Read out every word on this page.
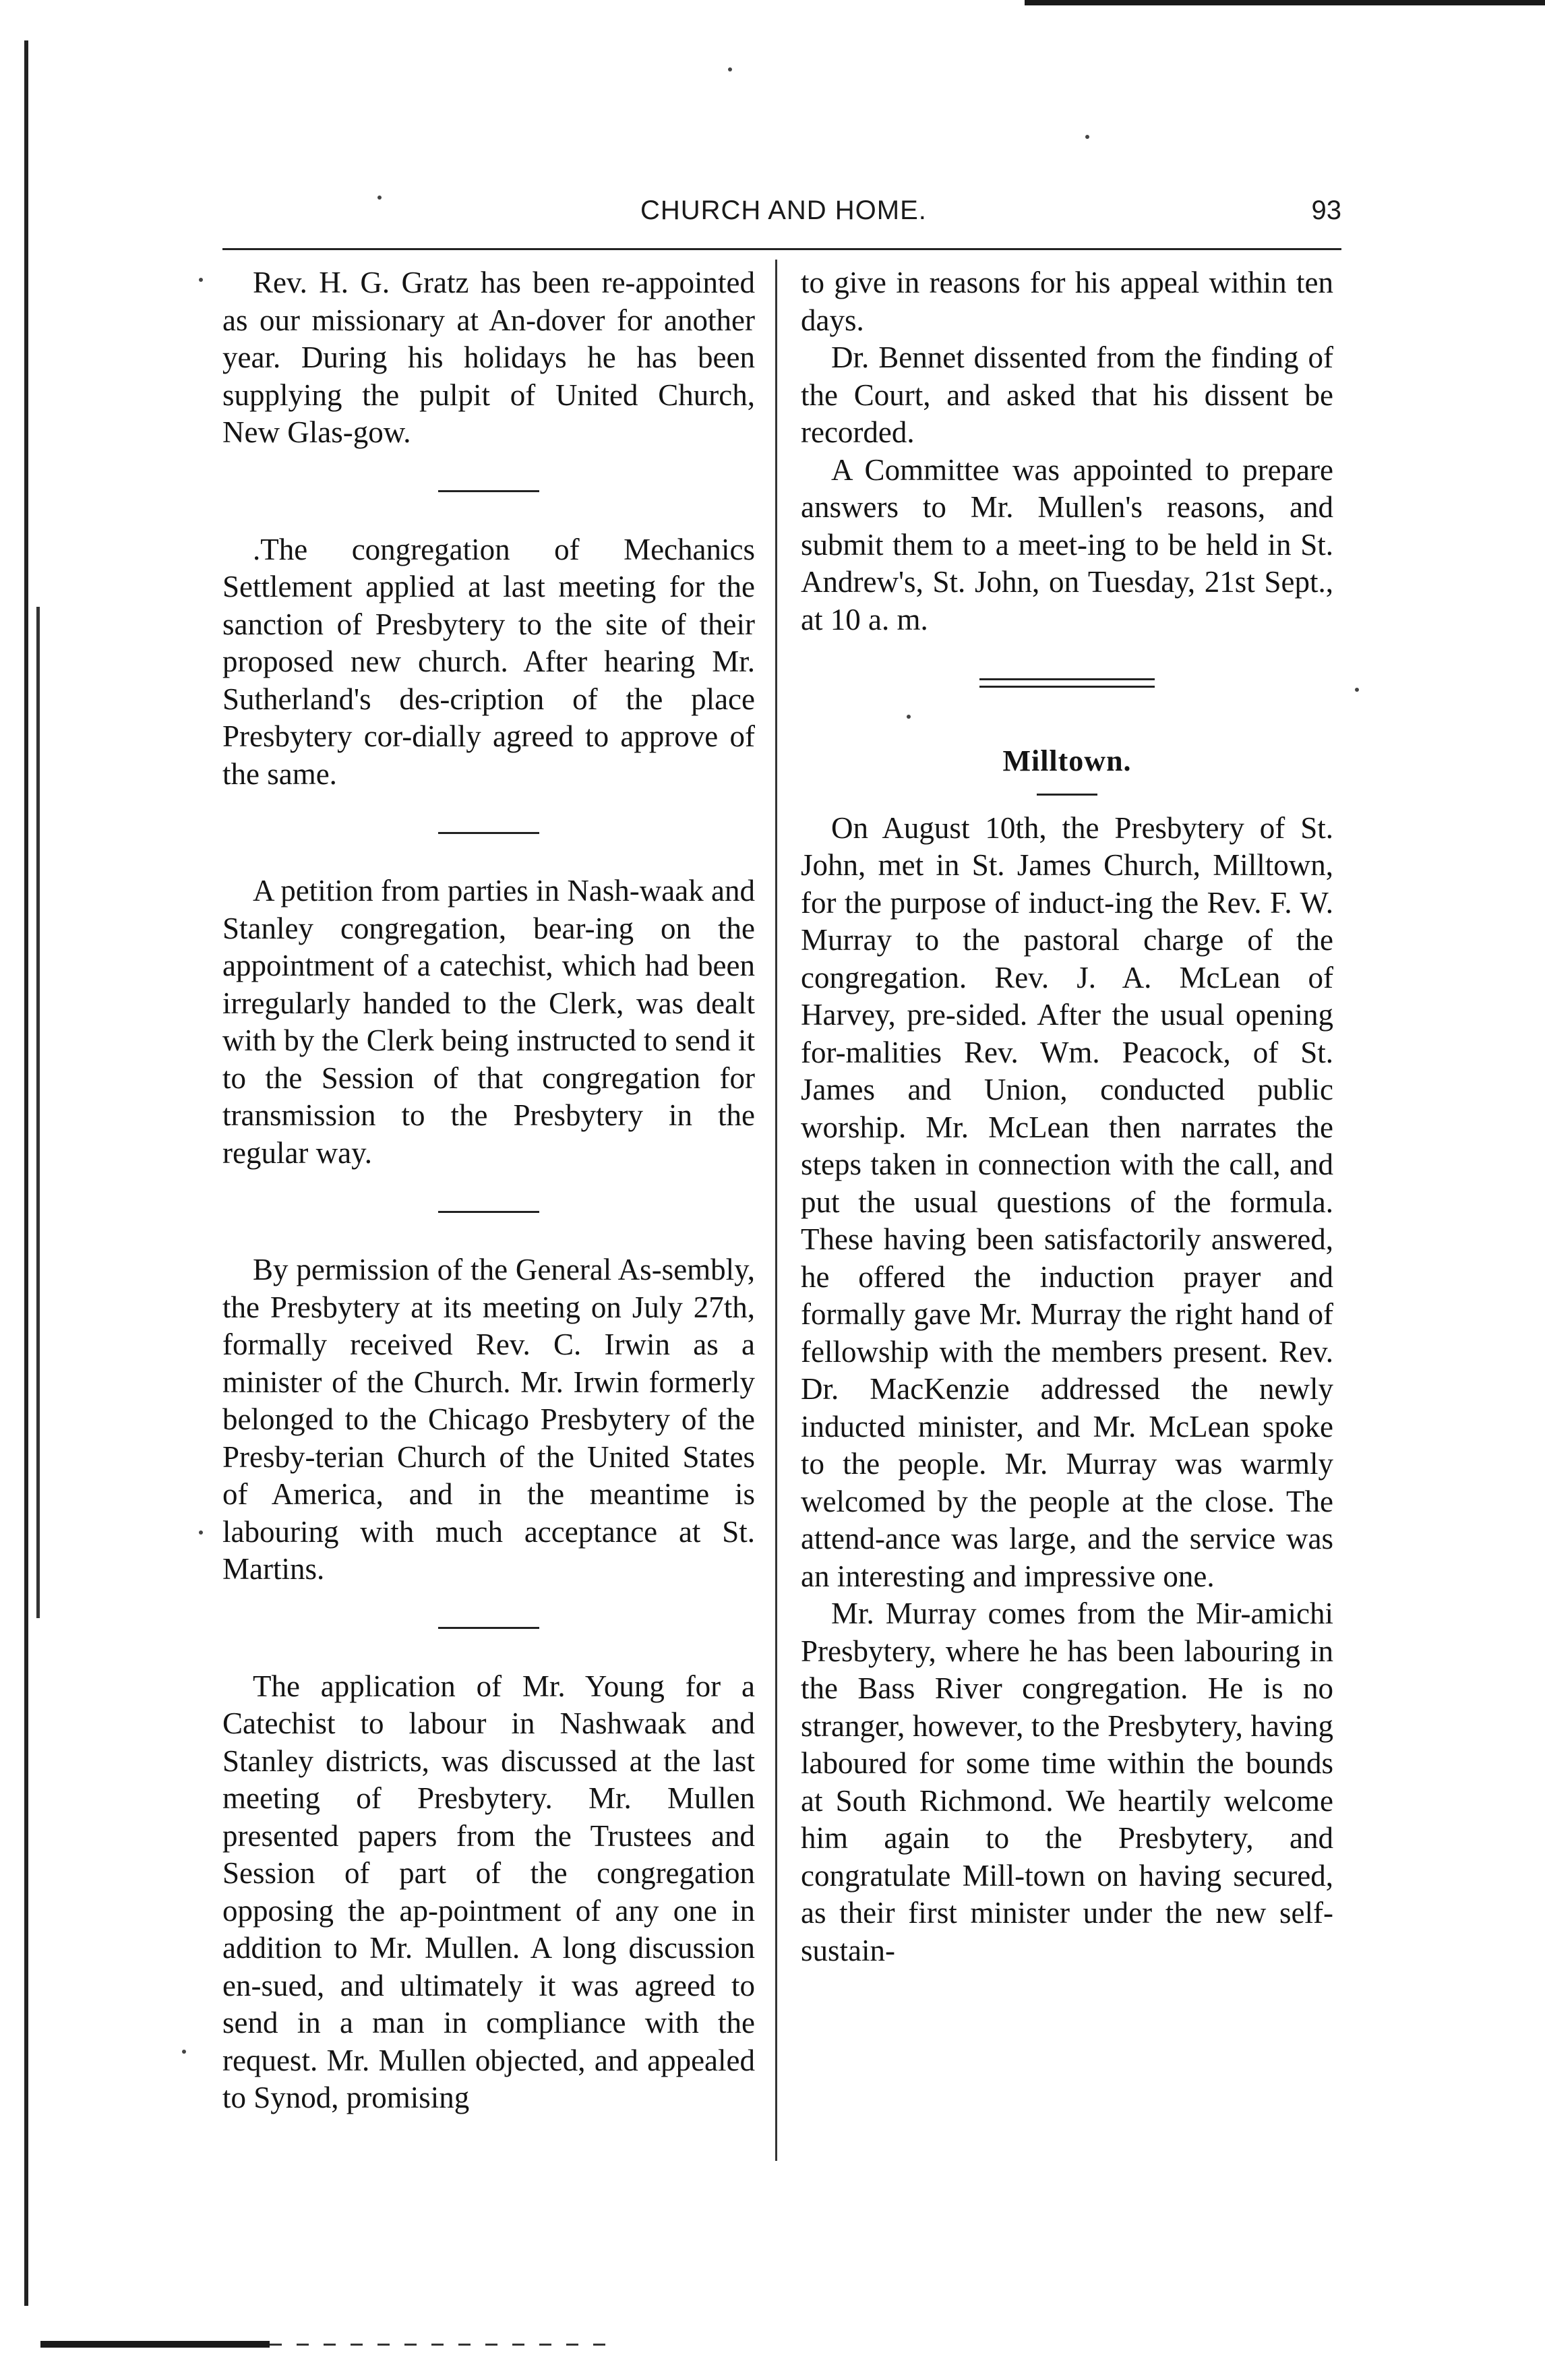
CHURCH AND HOME.	93

Rev. H. G. Gratz has been re-appointed as our missionary at An-dover for another year. During his holidays he has been supplying the pulpit of United Church, New Glas-gow.

.The congregation of Mechanics Settlement applied at last meeting for the sanction of Presbytery to the site of their proposed new church. After hearing Mr. Sutherland's des-cription of the place Presbytery cor-dially agreed to approve of the same.

A petition from parties in Nash-waak and Stanley congregation, bear-ing on the appointment of a catechist, which had been irregularly handed to the Clerk, was dealt with by the Clerk being instructed to send it to the Session of that congregation for transmission to the Presbytery in the regular way.

By permission of the General As-sembly, the Presbytery at its meeting on July 27th, formally received Rev. C. Irwin as a minister of the Church. Mr. Irwin formerly belonged to the Chicago Presbytery of the Presby-terian Church of the United States of America, and in the meantime is labouring with much acceptance at St. Martins.

The application of Mr. Young for a Catechist to labour in Nashwaak and Stanley districts, was discussed at the last meeting of Presbytery. Mr. Mullen presented papers from the Trustees and Session of part of the congregation opposing the ap-pointment of any one in addition to Mr. Mullen. A long discussion en-sued, and ultimately it was agreed to send in a man in compliance with the request. Mr. Mullen objected, and appealed to Synod, promising

to give in reasons for his appeal within ten days.

Dr. Bennet dissented from the finding of the Court, and asked that his dissent be recorded.

A Committee was appointed to prepare answers to Mr. Mullen's reasons, and submit them to a meet-ing to be held in St. Andrew's, St. John, on Tuesday, 21st Sept., at 10 a. m.

Milltown.

On August 10th, the Presbytery of St. John, met in St. James Church, Milltown, for the purpose of induct-ing the Rev. F. W. Murray to the pastoral charge of the congregation. Rev. J. A. McLean of Harvey, pre-sided. After the usual opening for-malities Rev. Wm. Peacock, of St. James and Union, conducted public worship. Mr. McLean then narrates the steps taken in connection with the call, and put the usual questions of the formula. These having been satisfactorily answered, he offered the induction prayer and formally gave Mr. Murray the right hand of fellowship with the members present. Rev. Dr. MacKenzie addressed the newly inducted minister, and Mr. McLean spoke to the people. Mr. Murray was warmly welcomed by the people at the close. The attend-ance was large, and the service was an interesting and impressive one.

Mr. Murray comes from the Mir-amichi Presbytery, where he has been labouring in the Bass River congregation. He is no stranger, however, to the Presbytery, having laboured for some time within the bounds at South Richmond. We heartily welcome him again to the Presbytery, and congratulate Mill-town on having secured, as their first minister under the new self-sustain-
